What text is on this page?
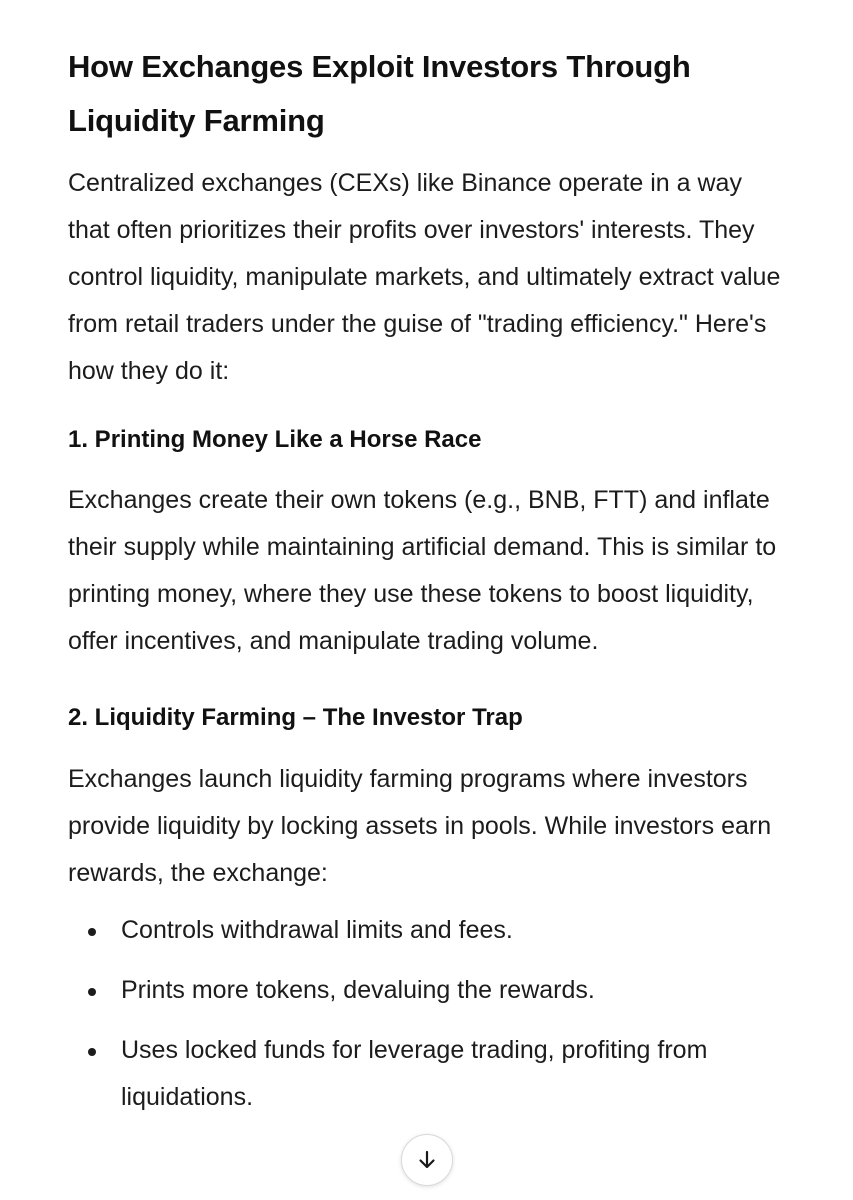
How Exchanges Exploit Investors Through Liquidity Farming

Centralized exchanges (CEXs) like Binance operate in a way that often prioritizes their profits over investors' interests. They control liquidity, manipulate markets, and ultimately extract value from retail traders under the guise of "trading efficiency." Here's how they do it:

1. Printing Money Like a Horse Race

Exchanges create their own tokens (e.g., BNB, FTT) and inflate their supply while maintaining artificial demand. This is similar to printing money, where they use these tokens to boost liquidity, offer incentives, and manipulate trading volume.

2. Liquidity Farming – The Investor Trap

Exchanges launch liquidity farming programs where investors provide liquidity by locking assets in pools. While investors earn rewards, the exchange:

Controls withdrawal limits and fees.
Prints more tokens, devaluing the rewards.
Uses locked funds for leverage trading, profiting from liquidations.
